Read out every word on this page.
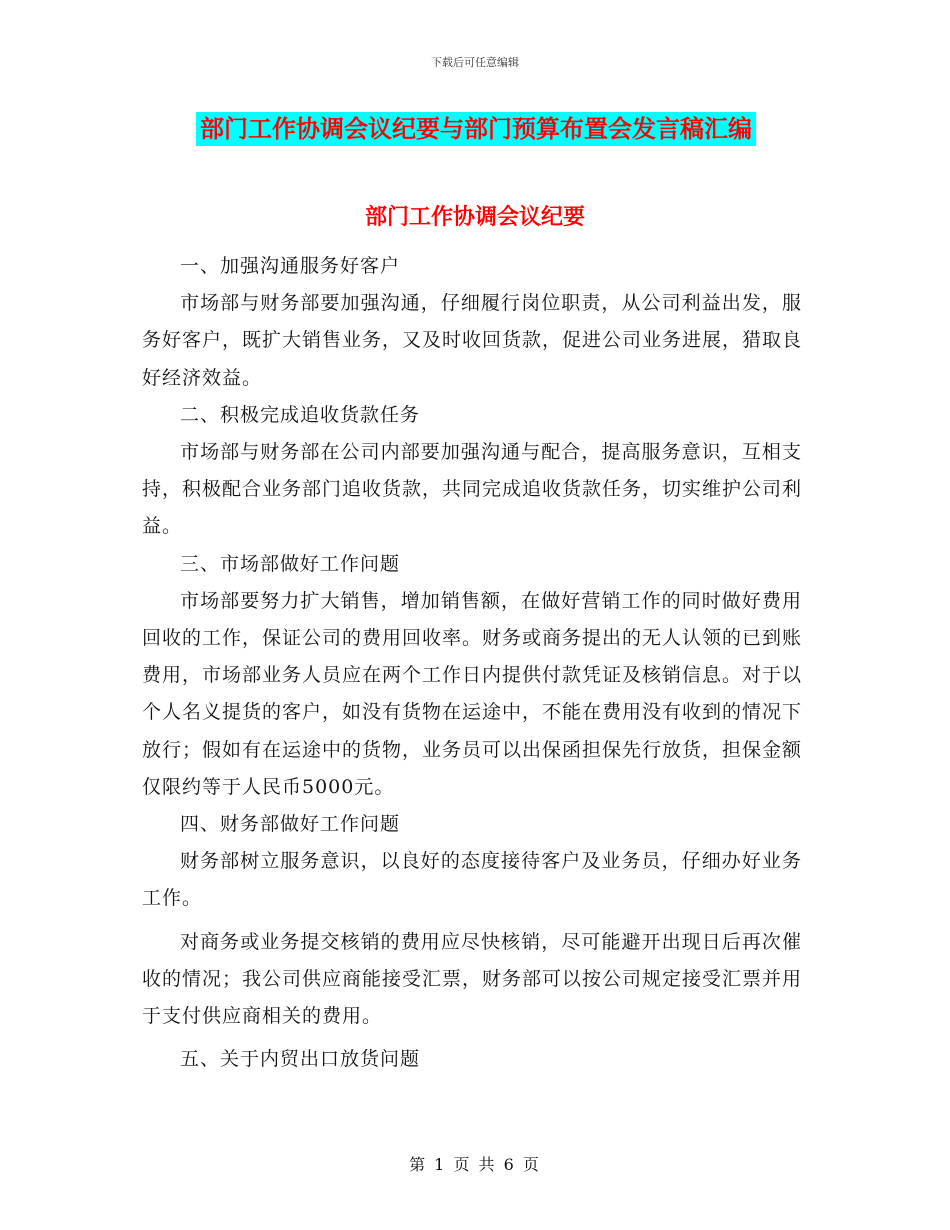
下载后可任意编辑
部门工作协调会议纪要与部门预算布置会发言稿汇编
部门工作协调会议纪要

一、加强沟通服务好客户

市场部与财务部要加强沟通，仔细履行岗位职责，从公司利益出发，服务好客户，既扩大销售业务，又及时收回货款，促进公司业务进展，猎取良好经济效益。

二、积极完成追收货款任务

市场部与财务部在公司内部要加强沟通与配合，提高服务意识，互相支持，积极配合业务部门追收货款，共同完成追收货款任务，切实维护公司利益。

三、市场部做好工作问题

市场部要努力扩大销售，增加销售额，在做好营销工作的同时做好费用回收的工作，保证公司的费用回收率。财务或商务提出的无人认领的已到账费用，市场部业务人员应在两个工作日内提供付款凭证及核销信息。对于以个人名义提货的客户，如没有货物在运途中，不能在费用没有收到的情况下放行；假如有在运途中的货物，业务员可以出保函担保先行放货，担保金额仅限约等于人民币5000元。

四、财务部做好工作问题

财务部树立服务意识，以良好的态度接待客户及业务员，仔细办好业务工作。

对商务或业务提交核销的费用应尽快核销，尽可能避开出现日后再次催收的情况；我公司供应商能接受汇票，财务部可以按公司规定接受汇票并用于支付供应商相关的费用。

五、关于内贸出口放货问题

第 1 页 共 6 页
